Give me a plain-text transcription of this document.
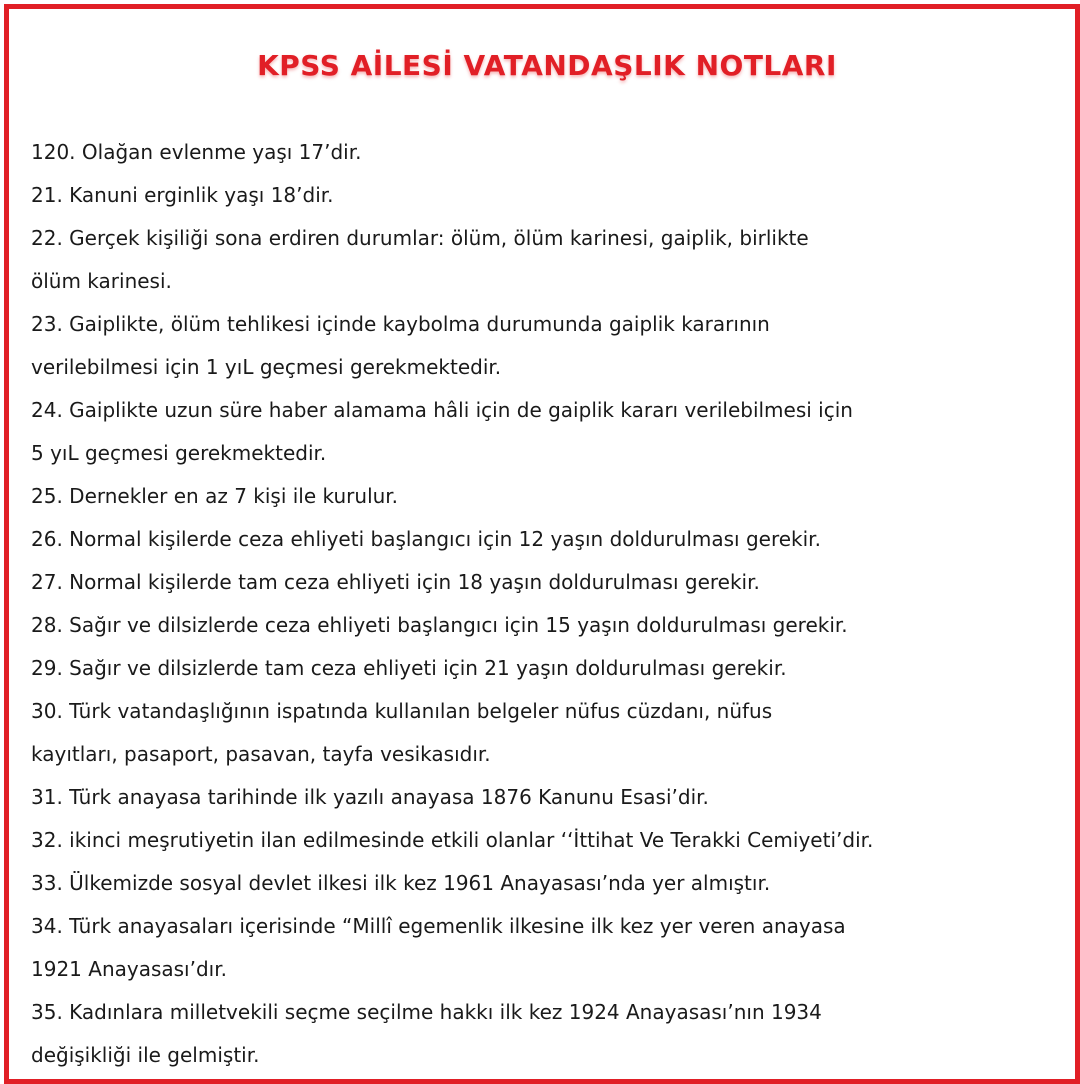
KPSS AİLESİ VATANDAŞLIK NOTLARI
120. Olağan evlenme yaşı 17’dir.
21. Kanuni erginlik yaşı 18’dir.
22. Gerçek kişiliği sona erdiren durumlar: ölüm, ölüm karinesi, gaiplik, birlikte
ölüm karinesi.
23. Gaiplikte, ölüm tehlikesi içinde kaybolma durumunda gaiplik kararının
verilebilmesi için 1 yıL geçmesi gerekmektedir.
24. Gaiplikte uzun süre haber alamama hâli için de gaiplik kararı verilebilmesi için
5 yıL geçmesi gerekmektedir.
25. Dernekler en az 7 kişi ile kurulur.
26. Normal kişilerde ceza ehliyeti başlangıcı için 12 yaşın doldurulması gerekir.
27. Normal kişilerde tam ceza ehliyeti için 18 yaşın doldurulması gerekir.
28. Sağır ve dilsizlerde ceza ehliyeti başlangıcı için 15 yaşın doldurulması gerekir.
29. Sağır ve dilsizlerde tam ceza ehliyeti için 21 yaşın doldurulması gerekir.
30. Türk vatandaşlığının ispatında kullanılan belgeler nüfus cüzdanı, nüfus
kayıtları, pasaport, pasavan, tayfa vesikasıdır.
31. Türk anayasa tarihinde ilk yazılı anayasa 1876 Kanunu Esasi’dir.
32. ikinci meşrutiyetin ilan edilmesinde etkili olanlar ‘‘İttihat Ve Terakki Cemiyeti’dir.
33. Ülkemizde sosyal devlet ilkesi ilk kez 1961 Anayasası’nda yer almıştır.
34. Türk anayasaları içerisinde “Millî egemenlik ilkesine ilk kez yer veren anayasa
1921 Anayasası’dır.
35. Kadınlara milletvekili seçme seçilme hakkı ilk kez 1924 Anayasası’nın 1934
değişikliği ile gelmiştir.
